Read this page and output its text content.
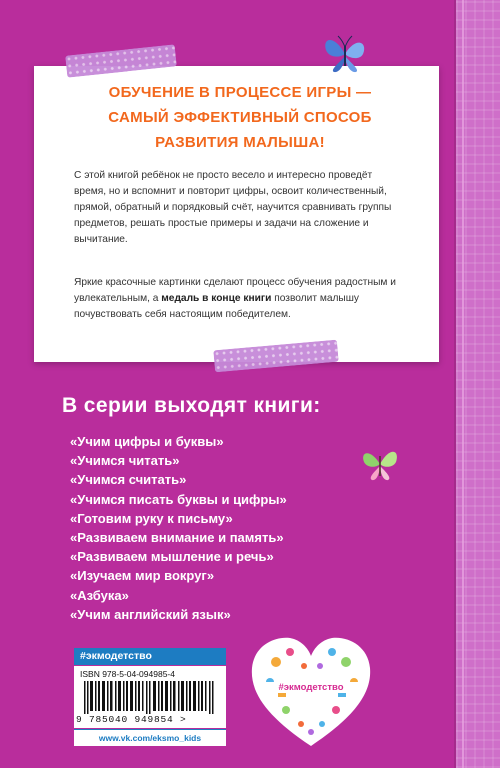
ОБУЧЕНИЕ В ПРОЦЕССЕ ИГРЫ —
САМЫЙ ЭФФЕКТИВНЫЙ СПОСОБ
РАЗВИТИЯ МАЛЫША!
С этой книгой ребёнок не просто весело и интересно проведёт время, но и вспомнит и повторит цифры, освоит количественный, прямой, обратный и порядковый счёт, научится сравнивать группы предметов, решать простые примеры и задачи на сложение и вычитание.
Яркие красочные картинки сделают процесс обучения радостным и увлекательным, а медаль в конце книги позволит малышу почувствовать себя настоящим победителем.
В серии выходят книги:
«Учим цифры и буквы»
«Учимся читать»
«Учимся считать»
«Учимся писать буквы и цифры»
«Готовим руку к письму»
«Развиваем внимание и память»
«Развиваем мышление и речь»
«Изучаем мир вокруг»
«Азбука»
«Учим английский язык»
#экмодетство
ISBN 978-5-04-094985-4
9 785040 949854 >
www.vk.com/eksmo_kids
#экмодетство
